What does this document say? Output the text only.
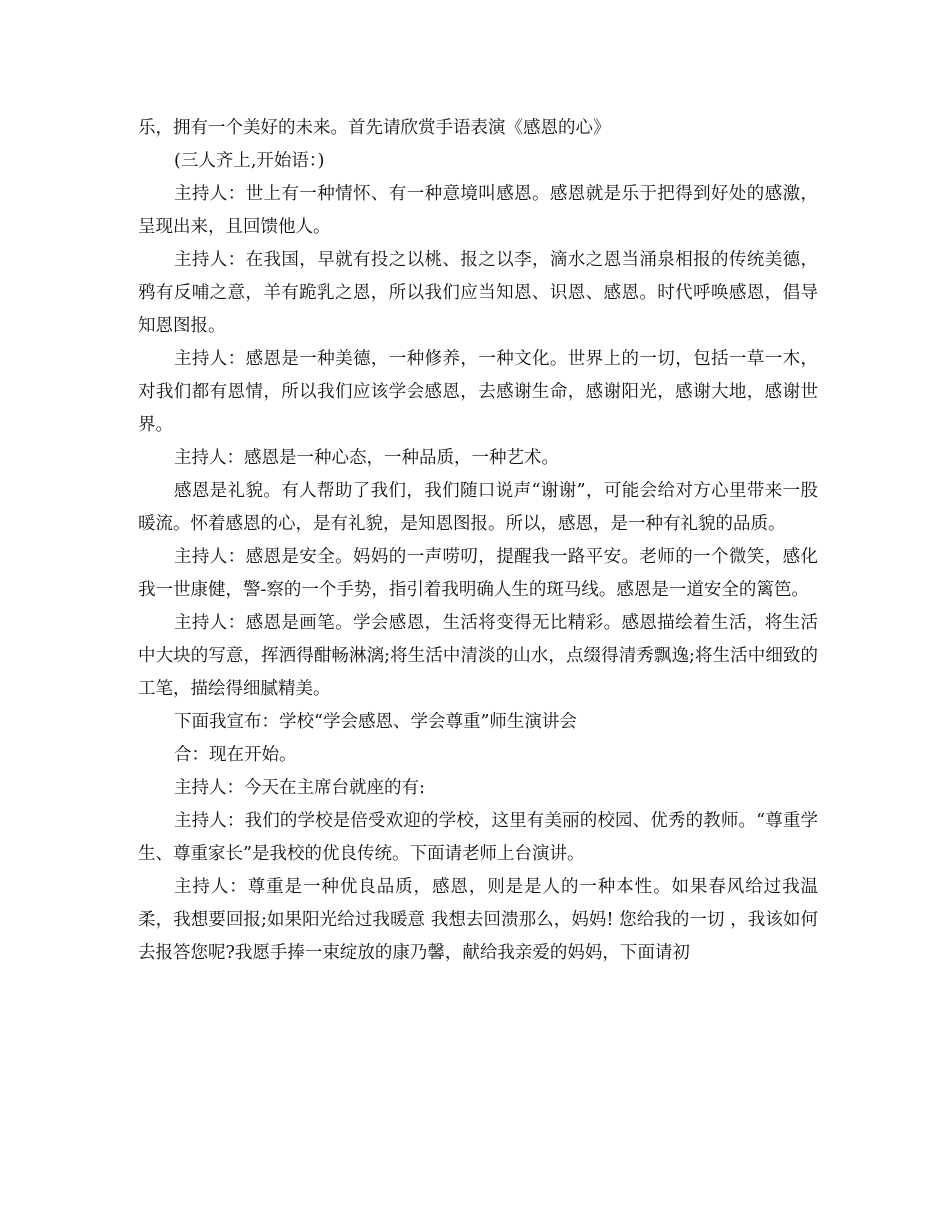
乐，拥有一个美好的未来。首先请欣赏手语表演《感恩的心》

(三人齐上,开始语：)

主持人：世上有一种情怀、有一种意境叫感恩。感恩就是乐于把得到好处的感激，呈现出来，且回馈他人。

主持人：在我国，早就有投之以桃、报之以李，滴水之恩当涌泉相报的传统美德，鸦有反哺之意，羊有跪乳之恩，所以我们应当知恩、识恩、感恩。时代呼唤感恩，倡导知恩图报。

主持人：感恩是一种美德，一种修养，一种文化。世界上的一切，包括一草一木，对我们都有恩情，所以我们应该学会感恩，去感谢生命，感谢阳光，感谢大地，感谢世界。

主持人：感恩是一种心态，一种品质，一种艺术。

感恩是礼貌。有人帮助了我们，我们随口说声“谢谢”，可能会给对方心里带来一股暖流。怀着感恩的心，是有礼貌，是知恩图报。所以，感恩，是一种有礼貌的品质。

主持人：感恩是安全。妈妈的一声唠叨，提醒我一路平安。老师的一个微笑，感化我一世康健，警-察的一个手势，指引着我明确人生的斑马线。感恩是一道安全的篱笆。

主持人：感恩是画笔。学会感恩，生活将变得无比精彩。感恩描绘着生活，将生活中大块的写意，挥洒得酣畅淋漓;将生活中清淡的山水，点缀得清秀飘逸;将生活中细致的工笔，描绘得细腻精美。

下面我宣布：学校“学会感恩、学会尊重”师生演讲会

合：现在开始。

主持人：今天在主席台就座的有:

主持人：我们的学校是倍受欢迎的学校，这里有美丽的校园、优秀的教师。“尊重学生、尊重家长”是我校的优良传统。下面请老师上台演讲。

主持人：尊重是一种优良品质，感恩，则是是人的一种本性。如果春风给过我温柔，我想要回报;如果阳光给过我暖意 我想去回溃那么，妈妈! 您给我的一切 ，我该如何去报答您呢?我愿手捧一束绽放的康乃馨，献给我亲爱的妈妈，下面请初
